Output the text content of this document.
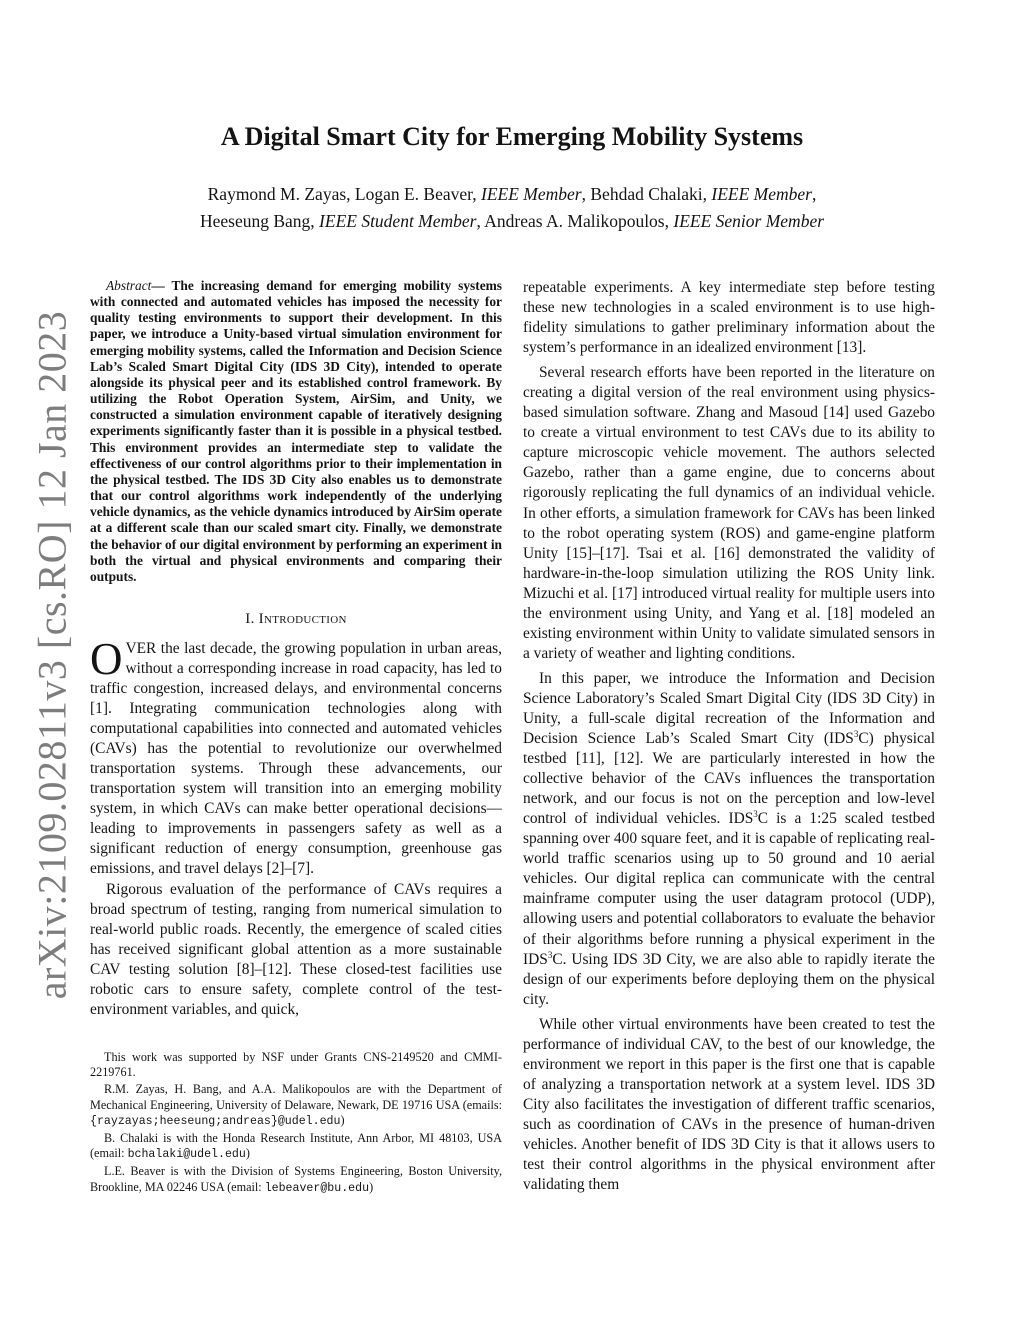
arXiv:2109.02811v3 [cs.RO] 12 Jan 2023
A Digital Smart City for Emerging Mobility Systems
Raymond M. Zayas, Logan E. Beaver, IEEE Member, Behdad Chalaki, IEEE Member,
Heeseung Bang, IEEE Student Member, Andreas A. Malikopoulos, IEEE Senior Member

Abstract— The increasing demand for emerging mobility systems with connected and automated vehicles has imposed the necessity for quality testing environments to support their development. In this paper, we introduce a Unity-based virtual simulation environment for emerging mobility systems, called the Information and Decision Science Lab’s Scaled Smart Digital City (IDS 3D City), intended to operate alongside its physical peer and its established control framework. By utilizing the Robot Operation System, AirSim, and Unity, we constructed a simulation environment capable of iteratively designing experiments significantly faster than it is possible in a physical testbed. This environment provides an intermediate step to validate the effectiveness of our control algorithms prior to their implementation in the physical testbed. The IDS 3D City also enables us to demonstrate that our control algorithms work independently of the underlying vehicle dynamics, as the vehicle dynamics introduced by AirSim operate at a different scale than our scaled smart city. Finally, we demonstrate the behavior of our digital environment by performing an experiment in both the virtual and physical environments and comparing their outputs.

I. Introduction

OVER the last decade, the growing population in urban areas, without a corresponding increase in road capacity, has led to traffic congestion, increased delays, and environmental concerns [1]. Integrating communication technologies along with computational capabilities into connected and automated vehicles (CAVs) has the potential to revolutionize our overwhelmed transportation systems. Through these advancements, our transportation system will transition into an emerging mobility system, in which CAVs can make better operational decisions—leading to improvements in passengers safety as well as a significant reduction of energy consumption, greenhouse gas emissions, and travel delays [2]–[7].

Rigorous evaluation of the performance of CAVs requires a broad spectrum of testing, ranging from numerical simulation to real-world public roads. Recently, the emergence of scaled cities has received significant global attention as a more sustainable CAV testing solution [8]–[12]. These closed-test facilities use robotic cars to ensure safety, complete control of the test-environment variables, and quick,

This work was supported by NSF under Grants CNS-2149520 and CMMI-2219761.

R.M. Zayas, H. Bang, and A.A. Malikopoulos are with the Department of Mechanical Engineering, University of Delaware, Newark, DE 19716 USA (emails: {rayzayas;heeseung;andreas}@udel.edu)

B. Chalaki is with the Honda Research Institute, Ann Arbor, MI 48103, USA (email: bchalaki@udel.edu)

L.E. Beaver is with the Division of Systems Engineering, Boston University, Brookline, MA 02246 USA (email: lebeaver@bu.edu)

repeatable experiments. A key intermediate step before testing these new technologies in a scaled environment is to use high-fidelity simulations to gather preliminary information about the system’s performance in an idealized environment [13].

Several research efforts have been reported in the literature on creating a digital version of the real environment using physics-based simulation software. Zhang and Masoud [14] used Gazebo to create a virtual environment to test CAVs due to its ability to capture microscopic vehicle movement. The authors selected Gazebo, rather than a game engine, due to concerns about rigorously replicating the full dynamics of an individual vehicle. In other efforts, a simulation framework for CAVs has been linked to the robot operating system (ROS) and game-engine platform Unity [15]–[17]. Tsai et al. [16] demonstrated the validity of hardware-in-the-loop simulation utilizing the ROS Unity link. Mizuchi et al. [17] introduced virtual reality for multiple users into the environment using Unity, and Yang et al. [18] modeled an existing environment within Unity to validate simulated sensors in a variety of weather and lighting conditions.

In this paper, we introduce the Information and Decision Science Laboratory’s Scaled Smart Digital City (IDS 3D City) in Unity, a full-scale digital recreation of the Information and Decision Science Lab’s Scaled Smart City (IDS$^3$C) physical testbed [11], [12]. We are particularly interested in how the collective behavior of the CAVs influences the transportation network, and our focus is not on the perception and low-level control of individual vehicles. IDS$^3$C is a 1:25 scaled testbed spanning over 400 square feet, and it is capable of replicating real-world traffic scenarios using up to 50 ground and 10 aerial vehicles. Our digital replica can communicate with the central mainframe computer using the user datagram protocol (UDP), allowing users and potential collaborators to evaluate the behavior of their algorithms before running a physical experiment in the IDS$^3$C. Using IDS 3D City, we are also able to rapidly iterate the design of our experiments before deploying them on the physical city.

While other virtual environments have been created to test the performance of individual CAV, to the best of our knowledge, the environment we report in this paper is the first one that is capable of analyzing a transportation network at a system level. IDS 3D City also facilitates the investigation of different traffic scenarios, such as coordination of CAVs in the presence of human-driven vehicles. Another benefit of IDS 3D City is that it allows users to test their control algorithms in the physical environment after validating them
